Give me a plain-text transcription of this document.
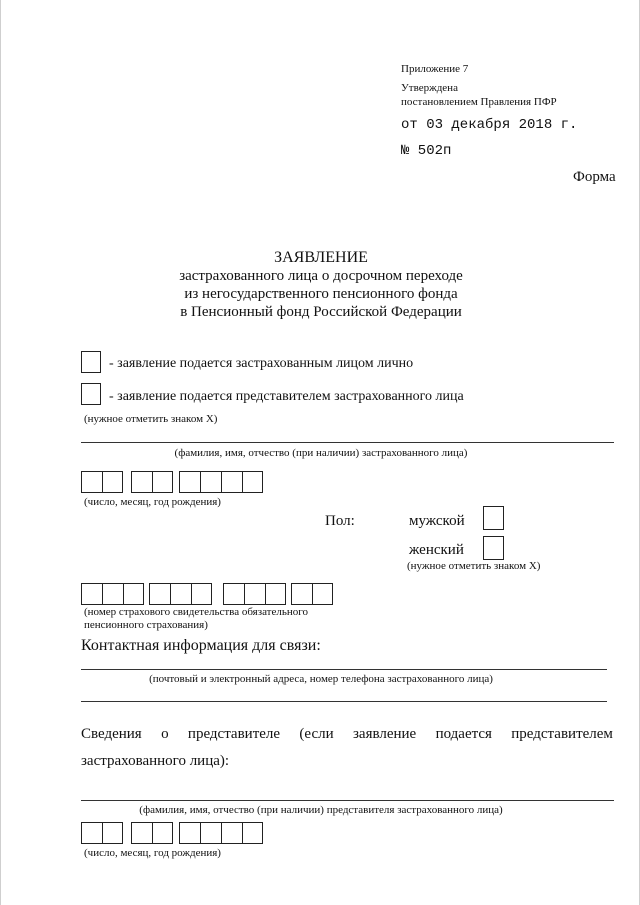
Приложение 7
Утверждена
постановлением Правления ПФР
от 03 декабря 2018 г.
№ 502п
Форма
ЗАЯВЛЕНИЕ
застрахованного лица о досрочном переходе
из негосударственного пенсионного фонда
в Пенсионный фонд Российской Федерации
- заявление подается застрахованным лицом лично
- заявление подается представителем застрахованного лица
(нужное отметить знаком X)
(фамилия, имя, отчество (при наличии) застрахованного лица)
(число, месяц, год рождения)
Пол:	мужской
женский
(нужное отметить знаком X)
(номер страхового свидетельства обязательного
пенсионного страхования)
Контактная информация для связи:
(почтовый и электронный адреса, номер телефона застрахованного лица)
Сведения о представителе (если заявление подается представителем
застрахованного лица):
(фамилия, имя, отчество (при наличии) представителя застрахованного лица)
(число, месяц, год рождения)
